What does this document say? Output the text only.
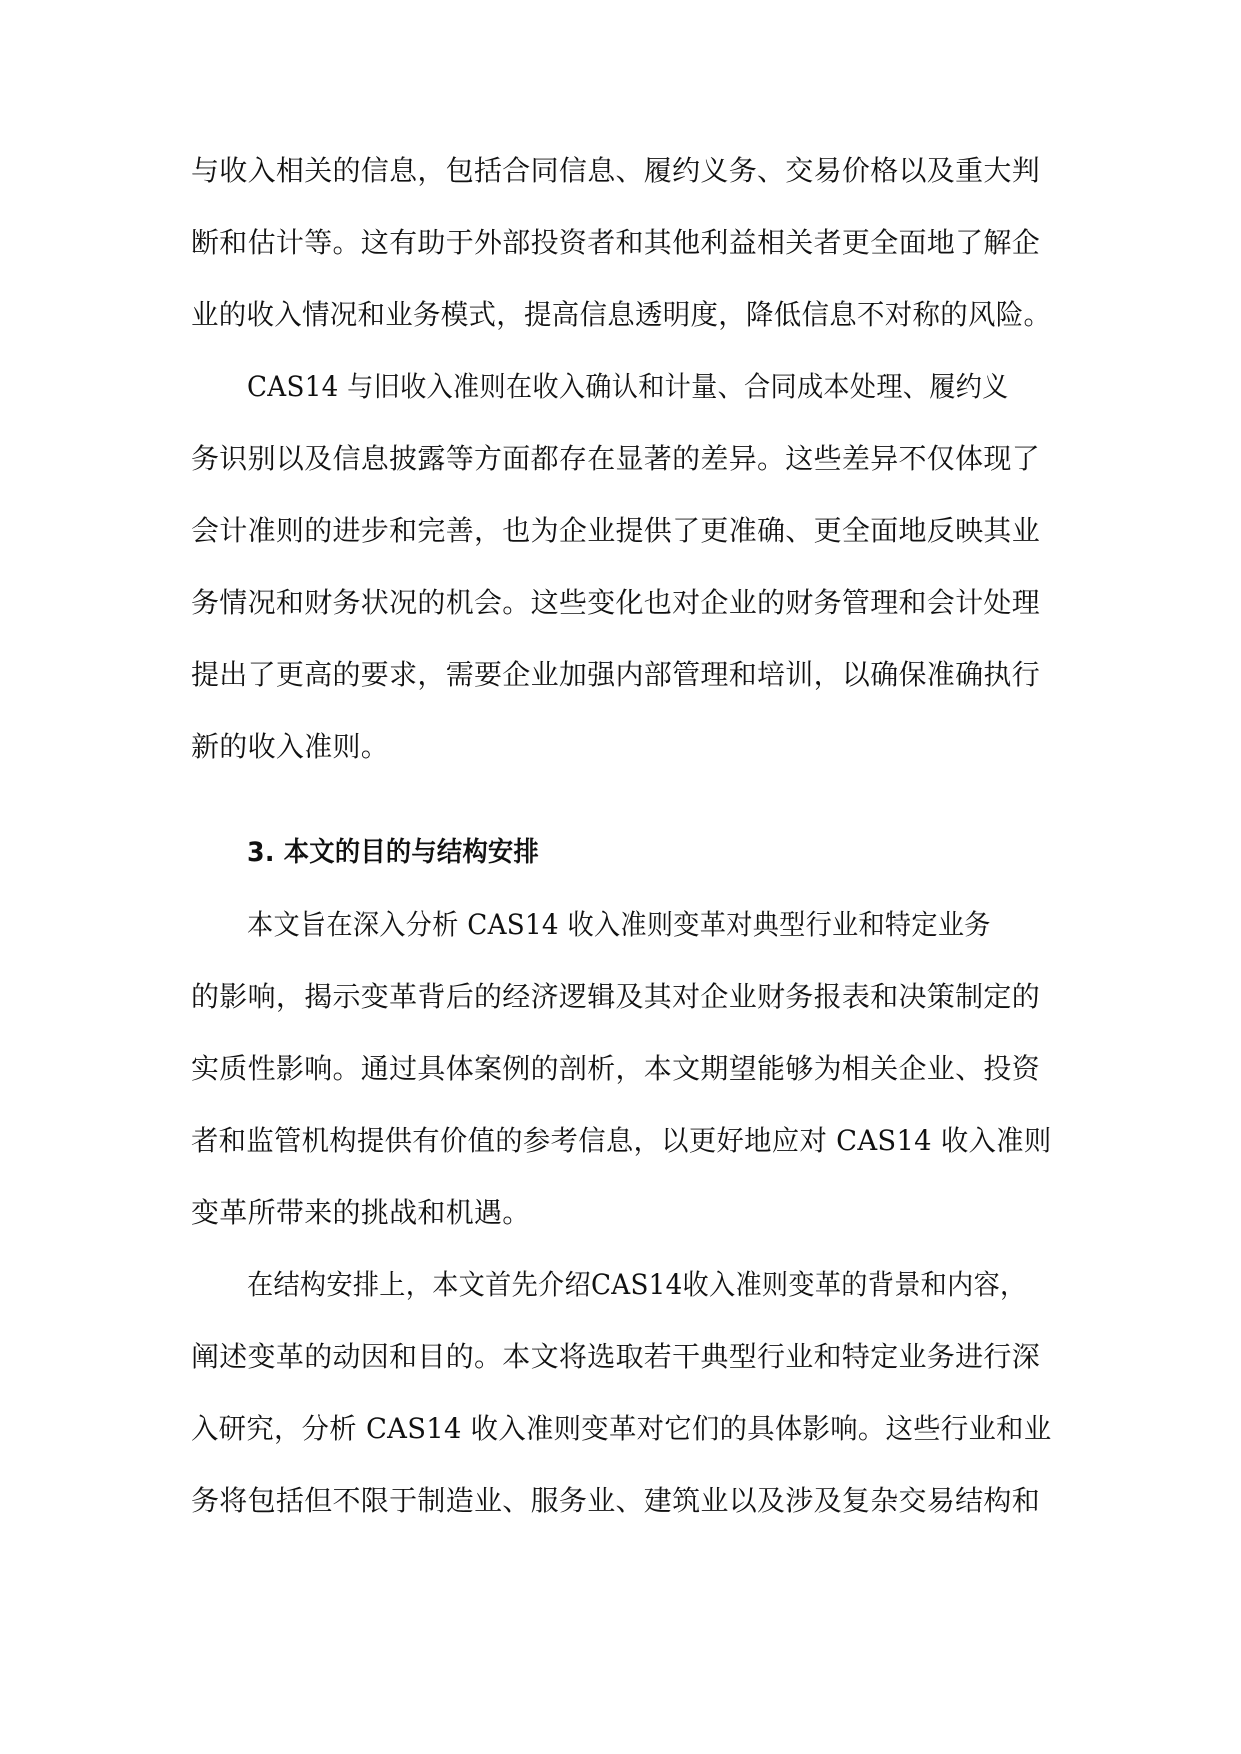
与收入相关的信息，包括合同信息、履约义务、交易价格以及重大判
断和估计等。这有助于外部投资者和其他利益相关者更全面地了解企
业的收入情况和业务模式，提高信息透明度，降低信息不对称的风险。
CAS14 与旧收入准则在收入确认和计量、合同成本处理、履约义
务识别以及信息披露等方面都存在显著的差异。这些差异不仅体现了
会计准则的进步和完善，也为企业提供了更准确、更全面地反映其业
务情况和财务状况的机会。这些变化也对企业的财务管理和会计处理
提出了更高的要求，需要企业加强内部管理和培训，以确保准确执行
新的收入准则。
3. 本文的目的与结构安排
本文旨在深入分析 CAS14 收入准则变革对典型行业和特定业务
的影响，揭示变革背后的经济逻辑及其对企业财务报表和决策制定的
实质性影响。通过具体案例的剖析，本文期望能够为相关企业、投资
者和监管机构提供有价值的参考信息，以更好地应对 CAS14 收入准则
变革所带来的挑战和机遇。
在结构安排上，本文首先介绍CAS14收入准则变革的背景和内容，
阐述变革的动因和目的。本文将选取若干典型行业和特定业务进行深
入研究，分析 CAS14 收入准则变革对它们的具体影响。这些行业和业
务将包括但不限于制造业、服务业、建筑业以及涉及复杂交易结构和
